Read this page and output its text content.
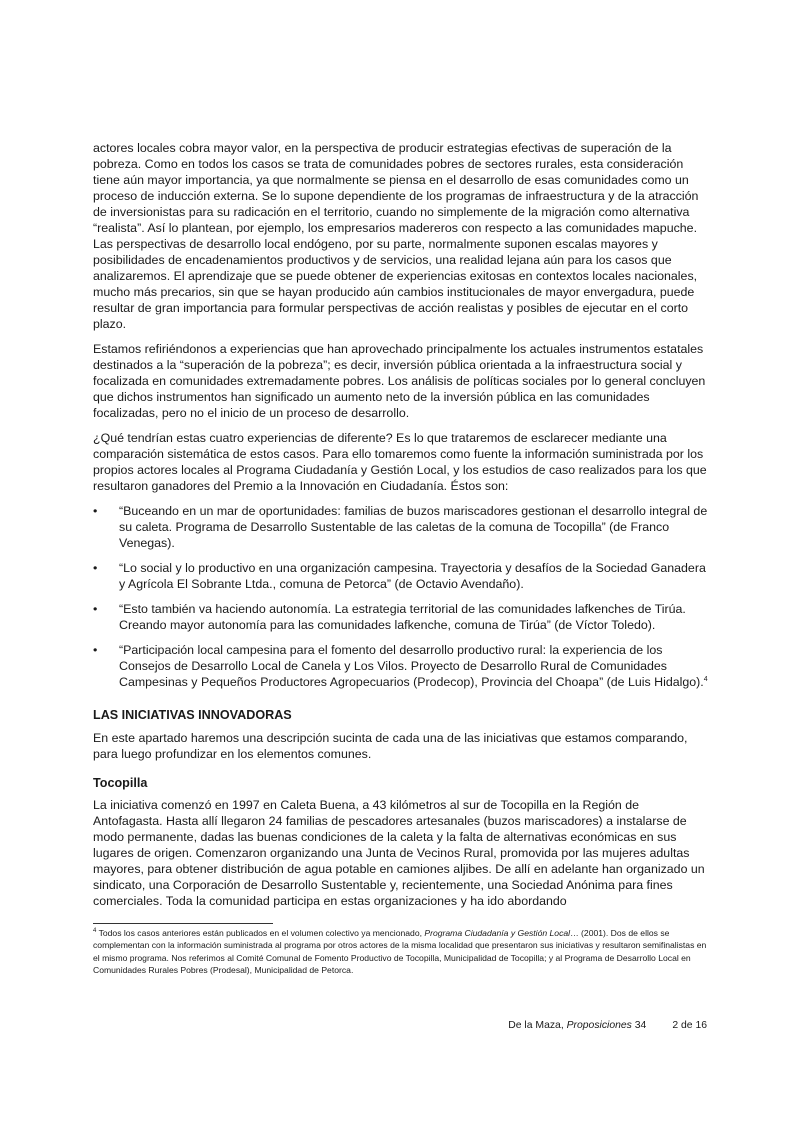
actores locales cobra mayor valor, en la perspectiva de producir estrategias efectivas de superación de la pobreza. Como en todos los casos se trata de comunidades pobres de sectores rurales, esta consideración tiene aún mayor importancia, ya que normalmente se piensa en el desarrollo de esas comunidades como un proceso de inducción externa. Se lo supone dependiente de los programas de infraestructura y de la atracción de inversionistas para su radicación en el territorio, cuando no simplemente de la migración como alternativa “realista”. Así lo plantean, por ejemplo, los empresarios madereros con respecto a las comunidades mapuche. Las perspectivas de desarrollo local endógeno, por su parte, normalmente suponen escalas mayores y posibilidades de encadenamientos productivos y de servicios, una realidad lejana aún para los casos que analizaremos. El aprendizaje que se puede obtener de experiencias exitosas en contextos locales nacionales, mucho más precarios, sin que se hayan producido aún cambios institucionales de mayor envergadura, puede resultar de gran importancia para formular perspectivas de acción realistas y posibles de ejecutar en el corto plazo.

Estamos refiriéndonos a experiencias que han aprovechado principalmente los actuales instrumentos estatales destinados a la “superación de la pobreza”; es decir, inversión pública orientada a la infraestructura social y focalizada en comunidades extremadamente pobres. Los análisis de políticas sociales por lo general concluyen que dichos instrumentos han significado un aumento neto de la inversión pública en las comunidades focalizadas, pero no el inicio de un proceso de desarrollo.

¿Qué tendrían estas cuatro experiencias de diferente? Es lo que trataremos de esclarecer mediante una comparación sistemática de estos casos. Para ello tomaremos como fuente la información suministrada por los propios actores locales al Programa Ciudadanía y Gestión Local, y los estudios de caso realizados para los que resultaron ganadores del Premio a la Innovación en Ciudadanía. Éstos son:

• “Buceando en un mar de oportunidades: familias de buzos mariscadores gestionan el desarrollo integral de su caleta. Programa de Desarrollo Sustentable de las caletas de la comuna de Tocopilla” (de Franco Venegas).
• “Lo social y lo productivo en una organización campesina. Trayectoria y desafíos de la Sociedad Ganadera y Agrícola El Sobrante Ltda., comuna de Petorca” (de Octavio Avendaño).
• “Esto también va haciendo autonomía. La estrategia territorial de las comunidades lafkenches de Tirúa. Creando mayor autonomía para las comunidades lafkenche, comuna de Tirúa” (de Víctor Toledo).
• “Participación local campesina para el fomento del desarrollo productivo rural: la experiencia de los Consejos de Desarrollo Local de Canela y Los Vilos. Proyecto de Desarrollo Rural de Comunidades Campesinas y Pequeños Productores Agropecuarios (Prodecop), Provincia del Choapa” (de Luis Hidalgo).$^4$
LAS INICIATIVAS INNOVADORAS

En este apartado haremos una descripción sucinta de cada una de las iniciativas que estamos comparando, para luego profundizar en los elementos comunes.

Tocopilla

La iniciativa comenzó en 1997 en Caleta Buena, a 43 kilómetros al sur de Tocopilla en la Región de Antofagasta. Hasta allí llegaron 24 familias de pescadores artesanales (buzos mariscadores) a instalarse de modo permanente, dadas las buenas condiciones de la caleta y la falta de alternativas económicas en sus lugares de origen. Comenzaron organizando una Junta de Vecinos Rural, promovida por las mujeres adultas mayores, para obtener distribución de agua potable en camiones aljibes. De allí en adelante han organizado un sindicato, una Corporación de Desarrollo Sustentable y, recientemente, una Sociedad Anónima para fines comerciales. Toda la comunidad participa en estas organizaciones y ha ido abordando

$^4$ Todos los casos anteriores están publicados en el volumen colectivo ya mencionado, Programa Ciudadanía y Gestión Local… (2001). Dos de ellos se complementan con la información suministrada al programa por otros actores de la misma localidad que presentaron sus iniciativas y resultaron semifinalistas en el mismo programa. Nos referimos al Comité Comunal de Fomento Productivo de Tocopilla, Municipalidad de Tocopilla; y al Programa de Desarrollo Local en Comunidades Rurales Pobres (Prodesal), Municipalidad de Petorca.
De la Maza, Proposiciones 34	2 de 16
